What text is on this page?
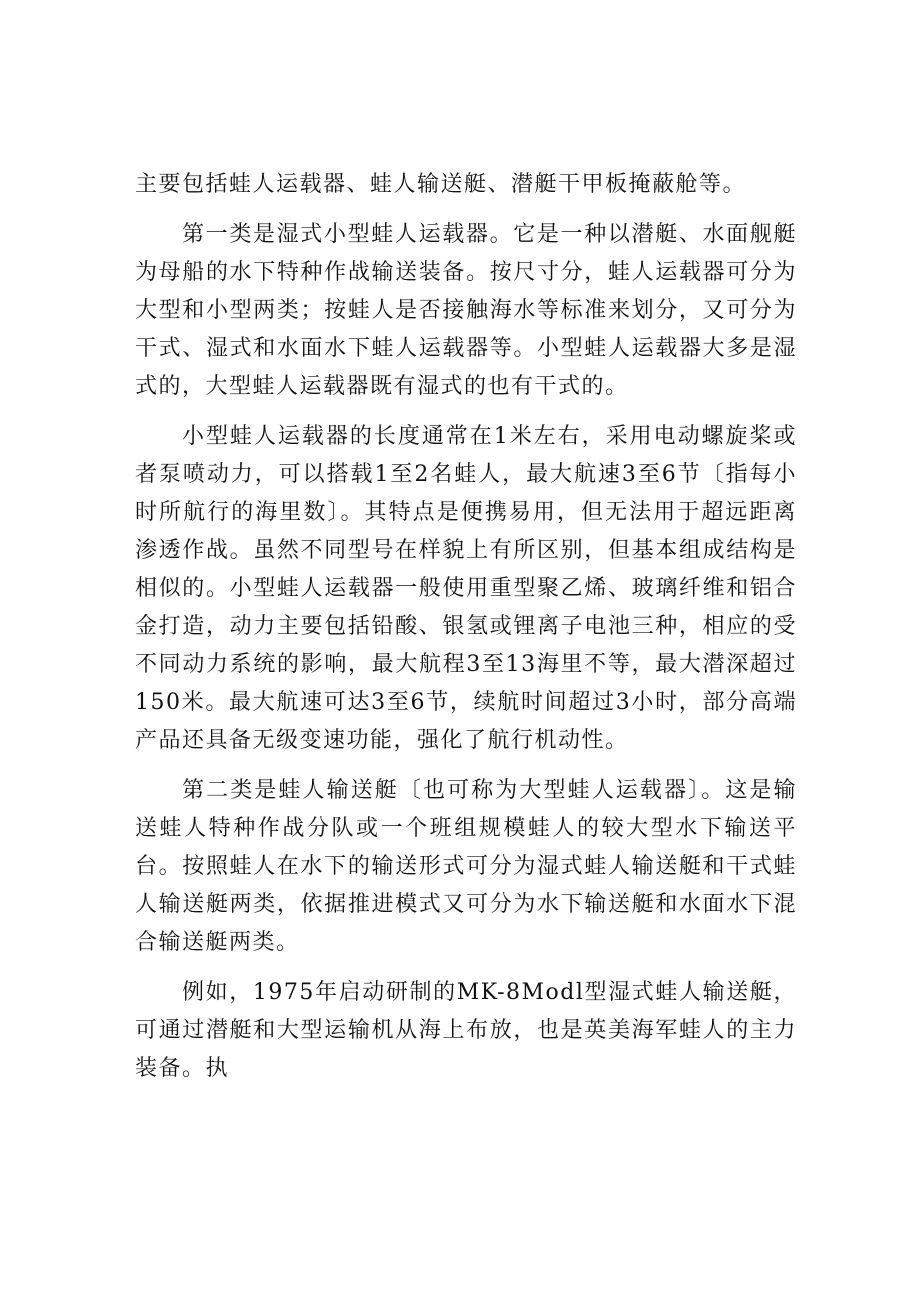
主要包括蛙人运载器、蛙人输送艇、潜艇干甲板掩蔽舱等。

第一类是湿式小型蛙人运载器。它是一种以潜艇、水面舰艇为母船的水下特种作战输送装备。按尺寸分，蛙人运载器可分为大型和小型两类；按蛙人是否接触海水等标准来划分，又可分为干式、湿式和水面水下蛙人运载器等。小型蛙人运载器大多是湿式的，大型蛙人运载器既有湿式的也有干式的。

小型蛙人运载器的长度通常在1米左右，采用电动螺旋桨或者泵喷动力，可以搭载1至2名蛙人，最大航速3至6节〔指每小时所航行的海里数〕。其特点是便携易用，但无法用于超远距离渗透作战。虽然不同型号在样貌上有所区别，但基本组成结构是相似的。小型蛙人运载器一般使用重型聚乙烯、玻璃纤维和铝合金打造，动力主要包括铅酸、银氢或锂离子电池三种，相应的受不同动力系统的影响，最大航程3至13海里不等，最大潜深超过150米。最大航速可达3至6节，续航时间超过3小时，部分高端产品还具备无级变速功能，强化了航行机动性。

第二类是蛙人输送艇〔也可称为大型蛙人运载器〕。这是输送蛙人特种作战分队或一个班组规模蛙人的较大型水下输送平台。按照蛙人在水下的输送形式可分为湿式蛙人输送艇和干式蛙人输送艇两类，依据推进模式又可分为水下输送艇和水面水下混合输送艇两类。

例如，1975年启动研制的MK-8Modl型湿式蛙人输送艇，可通过潜艇和大型运输机从海上布放，也是英美海军蛙人的主力装备。执
